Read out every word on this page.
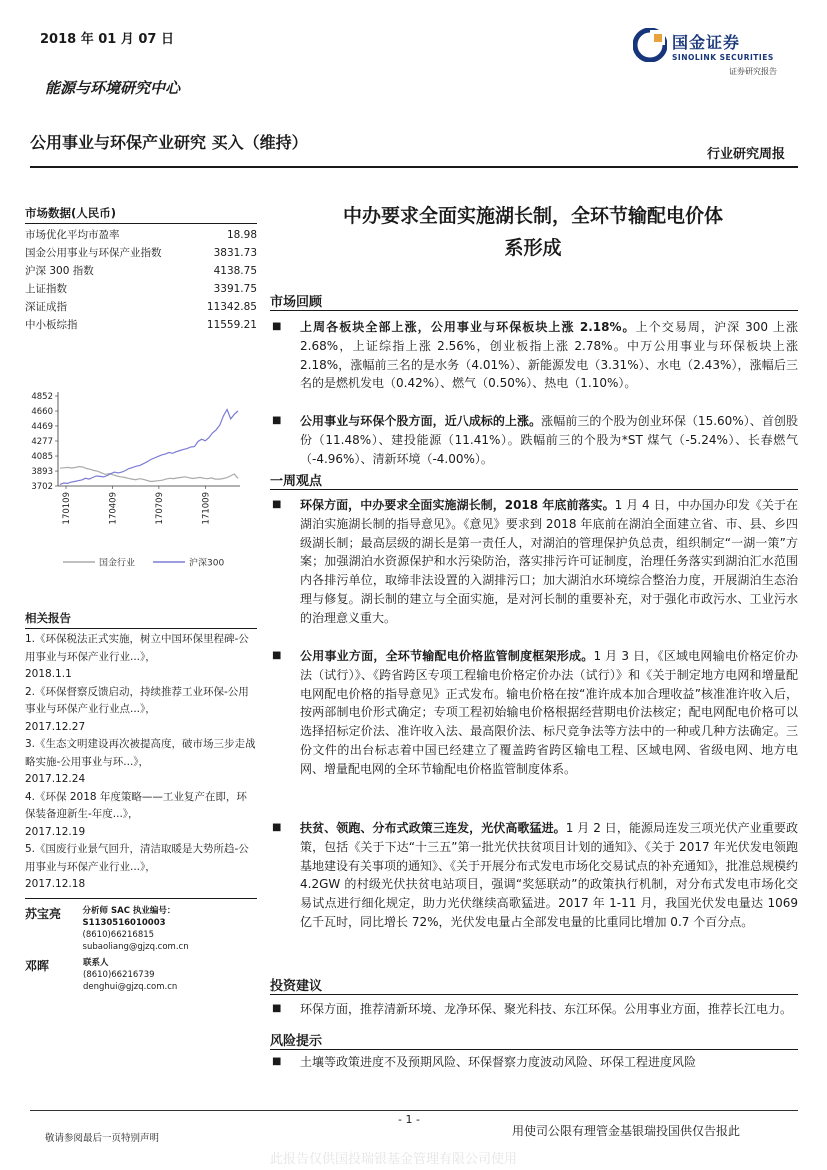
2018 年 01 月 07 日
能源与环境研究中心
公用事业与环保产业研究 买入（维持）
行业研究周报
国金证券
SINOLINK SECURITIES
证券研究报告
市场数据(人民币)
市场优化平均市盈率	18.98
国金公用事业与环保产业指数	3831.73
沪深 300 指数	4138.75
上证指数	3391.75
深证成指	11342.85
中小板综指	11559.21
4852
4660
4469
4277
4085
3893
3702
170109	170409	170709	171009
国金行业	沪深300
相关报告
1.《环保税法正式实施，树立中国环保里程碑-公用事业与环保产业行业...》，
2018.1.1
2.《环保督察反馈启动，持续推荐工业环保-公用事业与环保产业行业点...》，
2017.12.27
3.《生态文明建设再次被提高度，破市场三步走战略实施-公用事业与环...》，
2017.12.24
4.《环保 2018 年度策略——工业复产在即，环保装备迎新生-年度...》，
2017.12.19
5.《国废行业景气回升，清洁取暖是大势所趋-公用事业与环保产业行业...》，
2017.12.18
苏宝亮	分析师 SAC 执业编号：S1130516010003
(8610)66216815
subaoliang@gjzq.com.cn
邓晖	联系人
(8610)66216739
denghui@gjzq.com.cn
中办要求全面实施湖长制，全环节输配电价体
系形成
市场回顾
■ 上周各板块全部上涨，公用事业与环保板块上涨 2.18%。上个交易周，沪深 300 上涨 2.68%，上证综指上涨 2.56%，创业板指上涨 2.78%。中万公用事业与环保板块上涨 2.18%，涨幅前三名的是水务（4.01%）、新能源发电（3.31%）、水电（2.43%），涨幅后三名的是燃机发电（0.42%）、燃气（0.50%）、热电（1.10%）。
■ 公用事业与环保个股方面，近八成标的上涨。涨幅前三的个股为创业环保（15.60%）、首创股份（11.48%）、建投能源（11.41%）。跌幅前三的个股为*ST 煤气（-5.24%）、长春燃气（-4.96%）、清新环境（-4.00%）。
一周观点
■ 环保方面，中办要求全面实施湖长制，2018 年底前落实。1 月 4 日，中办国办印发《关于在湖泊实施湖长制的指导意见》。《意见》要求到 2018 年底前在湖泊全面建立省、市、县、乡四级湖长制；最高层级的湖长是第一责任人，对湖泊的管理保护负总责，组织制定“一湖一策”方案；加强湖泊水资源保护和水污染防治，落实排污许可证制度，治理任务落实到湖泊汇水范围内各排污单位，取缔非法设置的入湖排污口；加大湖泊水环境综合整治力度，开展湖泊生态治理与修复。湖长制的建立与全面实施，是对河长制的重要补充，对于强化市政污水、工业污水的治理意义重大。
■ 公用事业方面，全环节输配电价格监管制度框架形成。1 月 3 日，《区域电网输电价格定价办法（试行）》、《跨省跨区专项工程输电价格定价办法（试行）》和《关于制定地方电网和增量配电网配电价格的指导意见》正式发布。输电价格在按“准许成本加合理收益”核准准许收入后，按两部制电价形式确定；专项工程初始输电价格根据经营期电价法核定；配电网配电价格可以选择招标定价法、准许收入法、最高限价法、标尺竞争法等方法中的一种或几种方法确定。三份文件的出台标志着中国已经建立了覆盖跨省跨区输电工程、区域电网、省级电网、地方电网、增量配电网的全环节输配电价格监管制度体系。
■ 扶贫、领跑、分布式政策三连发，光伏高歌猛进。1 月 2 日，能源局连发三项光伏产业重要政策，包括《关于下达“十三五”第一批光伏扶贫项目计划的通知》、《关于 2017 年光伏发电领跑基地建设有关事项的通知》、《关于开展分布式发电市场化交易试点的补充通知》，批准总规模约 4.2GW 的村级光伏扶贫电站项目，强调“奖惩联动”的政策执行机制，对分布式发电市场化交易试点进行细化规定，助力光伏继续高歌猛进。2017 年 1-11 月，我国光伏发电量达 1069 亿千瓦时，同比增长 72%，光伏发电量占全部发电量的比重同比增加 0.7 个百分点。
投资建议
■ 环保方面，推荐清新环境、龙净环保、聚光科技、东江环保。公用事业方面，推荐长江电力。
风险提示
■ 土壤等政策进度不及预期风险、环保督察力度波动风险、环保工程进度风险
- 1 -
敬请参阅最后一页特别声明
用使司公限有理管金基银瑞投国供仅告报此
此报告仅供国投瑞银基金管理有限公司使用
